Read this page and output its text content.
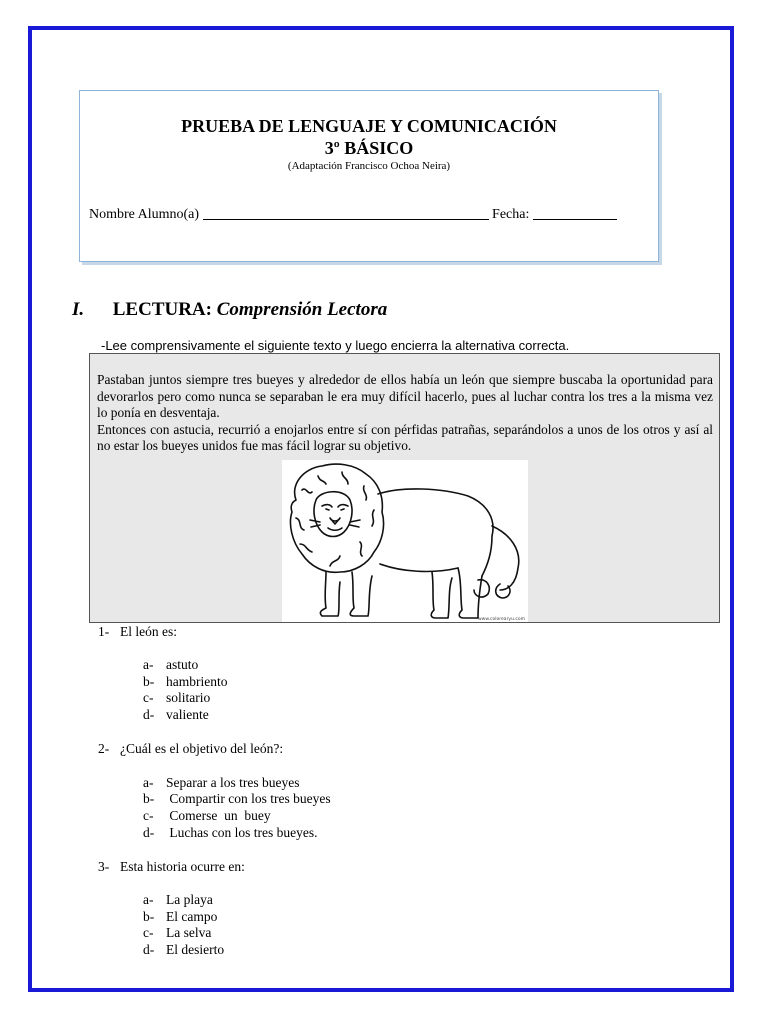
PRUEBA DE LENGUAJE Y COMUNICACIÓN
3º BÁSICO
(Adaptación Francisco Ochoa Neira)
Nombre Alumno(a)	Fecha:
I. LECTURA: Comprensión Lectora
-Lee comprensivamente el siguiente texto y luego encierra la alternativa correcta.
Pastaban juntos siempre tres bueyes y alrededor de ellos había un león que siempre buscaba la oportunidad para devorarlos pero como nunca se separaban le era muy difícil hacerlo, pues al luchar contra los tres a la misma vez lo ponía en desventaja.
Entonces con astucia, recurrió a enojarlos entre sí con pérfidas patrañas, separándolos a unos de los otros y así al no estar los bueyes unidos fue mas fácil lograr su objetivo.
www.colorearyu.com
1- El león es:
a- astuto
b- hambriento
c- solitario
d- valiente
2- ¿Cuál es el objetivo del león?:
a- Separar a los tres bueyes
b- Compartir con los tres bueyes
c- Comerse  un  buey
d- Luchas con los tres bueyes.
3- Esta historia ocurre en:
a- La playa
b- El campo
c- La selva
d- El desierto
